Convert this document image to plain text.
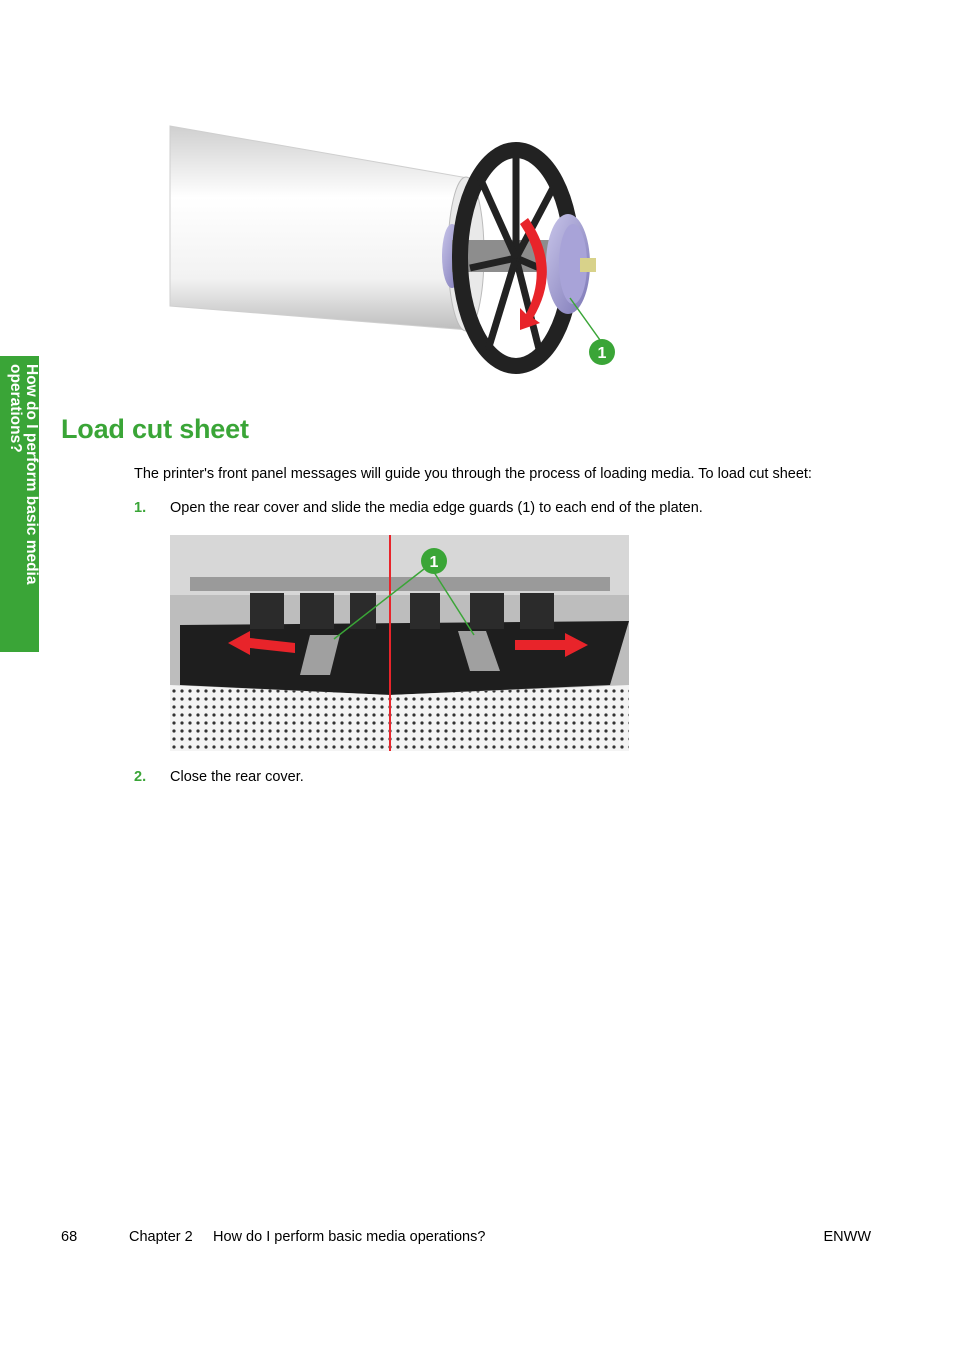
How do I perform basic media
operations?
1
Load cut sheet

The printer's front panel messages will guide you through the process of loading media. To load cut sheet:

1. Open the rear cover and slide the media edge guards (1) to each end of the platen.
1
2. Close the rear cover.
68	Chapter 2 How do I perform basic media operations?	ENWW
